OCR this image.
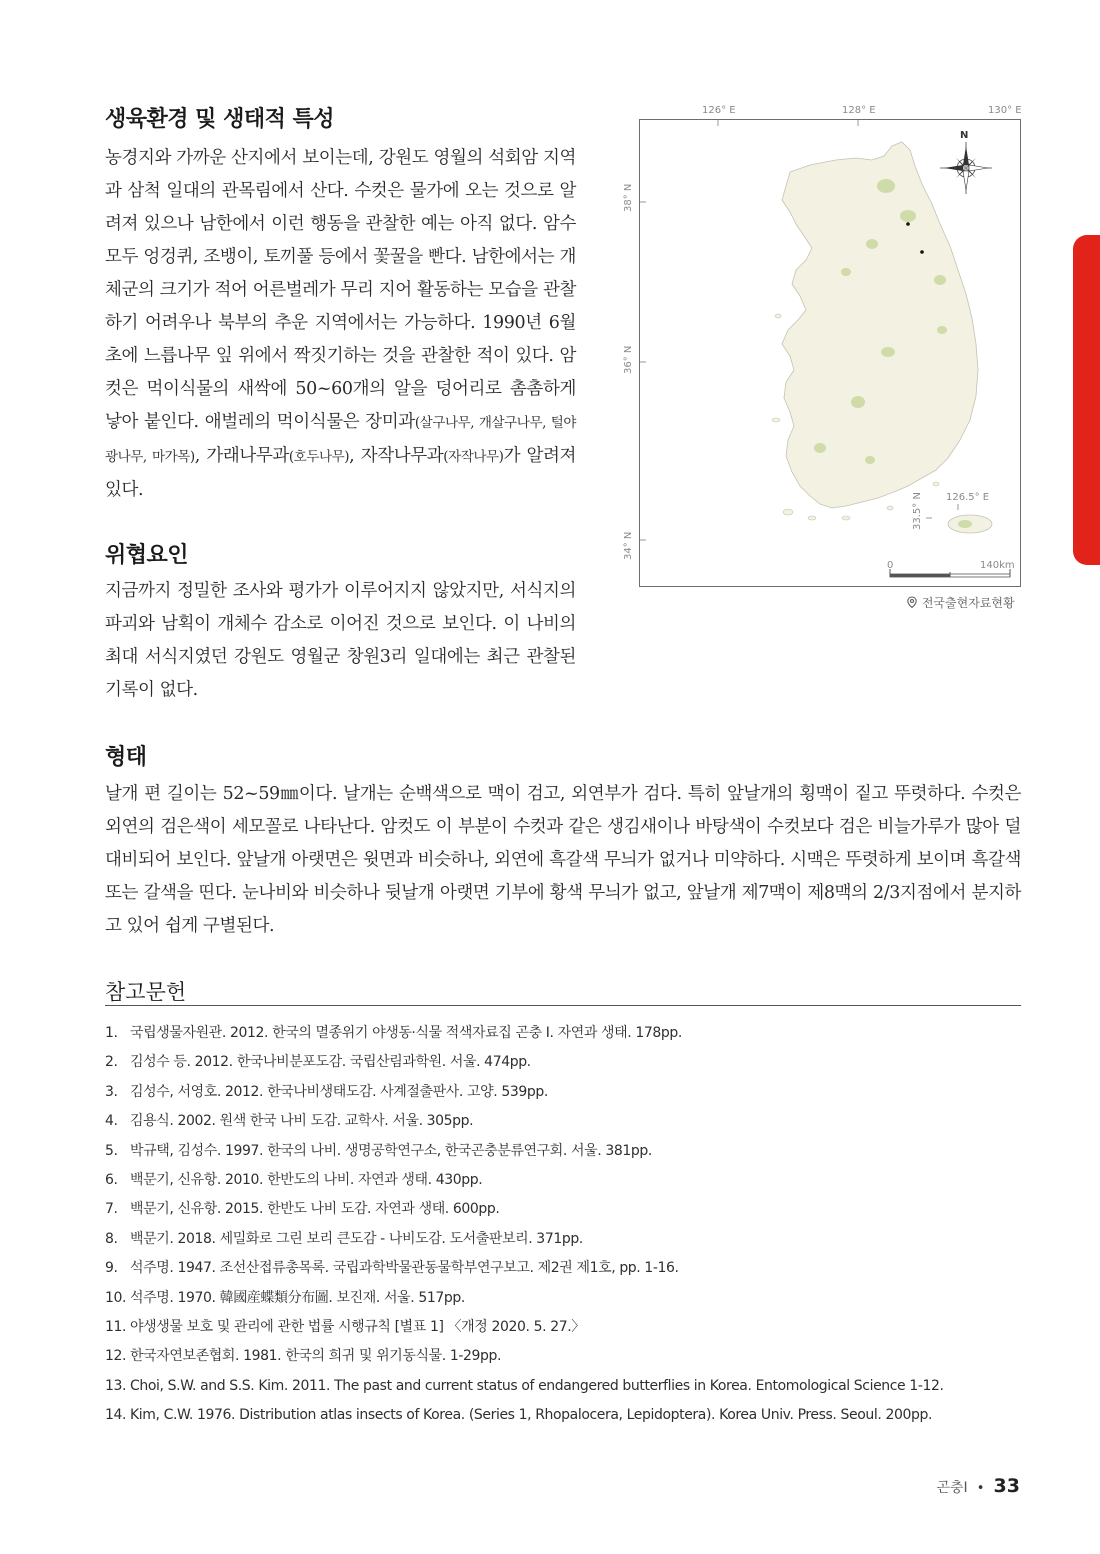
생육환경 및 생태적 특성

농경지와 가까운 산지에서 보이는데, 강원도 영월의 석회암 지역과 삼척 일대의 관목림에서 산다. 수컷은 물가에 오는 것으로 알려져 있으나 남한에서 이런 행동을 관찰한 예는 아직 없다. 암수 모두 엉겅퀴, 조뱅이, 토끼풀 등에서 꽃꿀을 빤다. 남한에서는 개체군의 크기가 적어 어른벌레가 무리 지어 활동하는 모습을 관찰하기 어려우나 북부의 추운 지역에서는 가능하다. 1990년 6월 초에 느릅나무 잎 위에서 짝짓기하는 것을 관찰한 적이 있다. 암컷은 먹이식물의 새싹에 50~60개의 알을 덩어리로 촘촘하게 낳아 붙인다. 애벌레의 먹이식물은 장미과(살구나무, 개살구나무, 털야광나무, 마가목), 가래나무과(호두나무), 자작나무과(자작나무)가 알려져 있다.

위협요인

지금까지 정밀한 조사와 평가가 이루어지지 않았지만, 서식지의 파괴와 남획이 개체수 감소로 이어진 것으로 보인다. 이 나비의 최대 서식지였던 강원도 영월군 창원3리 일대에는 최근 관찰된 기록이 없다.

126° E	128° E	130° E
N
38° N
36° N
34° N
126.5° E
33.5° N
0	140km
전국출현자료현황
형태

날개 편 길이는 52~59㎜이다. 날개는 순백색으로 맥이 검고, 외연부가 검다. 특히 앞날개의 횡맥이 짙고 뚜렷하다. 수컷은 외연의 검은색이 세모꼴로 나타난다. 암컷도 이 부분이 수컷과 같은 생김새이나 바탕색이 수컷보다 검은 비늘가루가 많아 덜 대비되어 보인다. 앞날개 아랫면은 윗면과 비슷하나, 외연에 흑갈색 무늬가 없거나 미약하다. 시맥은 뚜렷하게 보이며 흑갈색 또는 갈색을 띤다. 눈나비와 비슷하나 뒷날개 아랫면 기부에 황색 무늬가 없고, 앞날개 제7맥이 제8맥의 2/3지점에서 분지하고 있어 쉽게 구별된다.

참고문헌
1. 국립생물자원관. 2012. 한국의 멸종위기 야생동·식물 적색자료집 곤충 I. 자연과 생태. 178pp.
2. 김성수 등. 2012. 한국나비분포도감. 국립산림과학원. 서울. 474pp.
3. 김성수, 서영호. 2012. 한국나비생태도감. 사계절출판사. 고양. 539pp.
4. 김용식. 2002. 원색 한국 나비 도감. 교학사. 서울. 305pp.
5. 박규택, 김성수. 1997. 한국의 나비. 생명공학연구소, 한국곤충분류연구회. 서울. 381pp.
6. 백문기, 신유항. 2010. 한반도의 나비. 자연과 생태. 430pp.
7. 백문기, 신유항. 2015. 한반도 나비 도감. 자연과 생태. 600pp.
8. 백문기. 2018. 세밀화로 그린 보리 큰도감 - 나비도감. 도서출판보리. 371pp.
9. 석주명. 1947. 조선산접류총목록. 국립과학박물관동물학부연구보고. 제2권 제1호, pp. 1-16.
10. 석주명. 1970. 韓國産蝶類分布圖. 보진재. 서울. 517pp.
11. 야생생물 보호 및 관리에 관한 법률 시행규칙 [별표 1] 〈개정 2020. 5. 27.〉
12. 한국자연보존협회. 1981. 한국의 희귀 및 위기동식물. 1-29pp.
13. Choi, S.W. and S.S. Kim. 2011. The past and current status of endangered butterflies in Korea. Entomological Science 1-12.
14. Kim, C.W. 1976. Distribution atlas insects of Korea. (Series 1, Rhopalocera, Lepidoptera). Korea Univ. Press. Seoul. 200pp.
곤충Ⅰ • 33
